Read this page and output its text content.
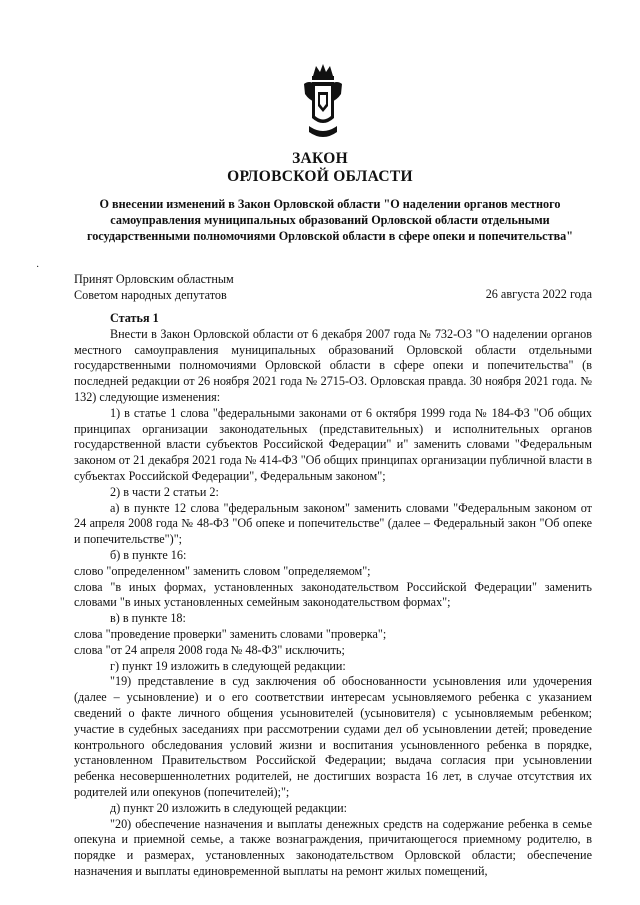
ЗАКОН
ОРЛОВСКОЙ ОБЛАСТИ
О внесении изменений в Закон Орловской области "О наделении органов местного самоуправления муниципальных образований Орловской области отдельными государственными полномочиями Орловской области в сфере опеки и попечительства"
·
Принят Орловским областным
Советом народных депутатов	26 августа 2022 года
Статья 1

Внести в Закон Орловской области от 6 декабря 2007 года № 732-ОЗ "О наделении органов местного самоуправления муниципальных образований Орловской области отдельными государственными полномочиями Орловской области в сфере опеки и попечительства" (в последней редакции от 26 ноября 2021 года № 2715-ОЗ. Орловская правда. 30 ноября 2021 года. № 132) следующие изменения:

1) в статье 1 слова "федеральными законами от 6 октября 1999 года № 184-ФЗ "Об общих принципах организации законодательных (представительных) и исполнительных органов государственной власти субъектов Российской Федерации" и" заменить словами "Федеральным законом от 21 декабря 2021 года № 414-ФЗ "Об общих принципах организации публичной власти в субъектах Российской Федерации", Федеральным законом";

2) в части 2 статьи 2:

а) в пункте 12 слова "федеральным законом" заменить словами "Федеральным законом от 24 апреля 2008 года № 48-ФЗ "Об опеке и попечительстве" (далее – Федеральный закон "Об опеке и попечительстве")";

б) в пункте 16:

слово "определенном" заменить словом "определяемом";

слова "в иных формах, установленных законодательством Российской Федерации" заменить словами "в иных установленных семейным законодательством формах";

в) в пункте 18:

слова "проведение проверки" заменить словами "проверка";

слова "от 24 апреля 2008 года № 48-ФЗ" исключить;

г) пункт 19 изложить в следующей редакции:

"19) представление в суд заключения об обоснованности усыновления или удочерения (далее – усыновление) и о его соответствии интересам усыновляемого ребенка с указанием сведений о факте личного общения усыновителей (усыновителя) с усыновляемым ребенком; участие в судебных заседаниях при рассмотрении судами дел об усыновлении детей; проведение контрольного обследования условий жизни и воспитания усыновленного ребенка в порядке, установленном Правительством Российской Федерации; выдача согласия при усыновлении ребенка несовершеннолетних родителей, не достигших возраста 16 лет, в случае отсутствия их родителей или опекунов (попечителей);";

д) пункт 20 изложить в следующей редакции:

"20) обеспечение назначения и выплаты денежных средств на содержание ребенка в семье опекуна и приемной семье, а также вознаграждения, причитающегося приемному родителю, в порядке и размерах, установленных законодательством Орловской области; обеспечение назначения и выплаты единовременной выплаты на ремонт жилых помещений,
